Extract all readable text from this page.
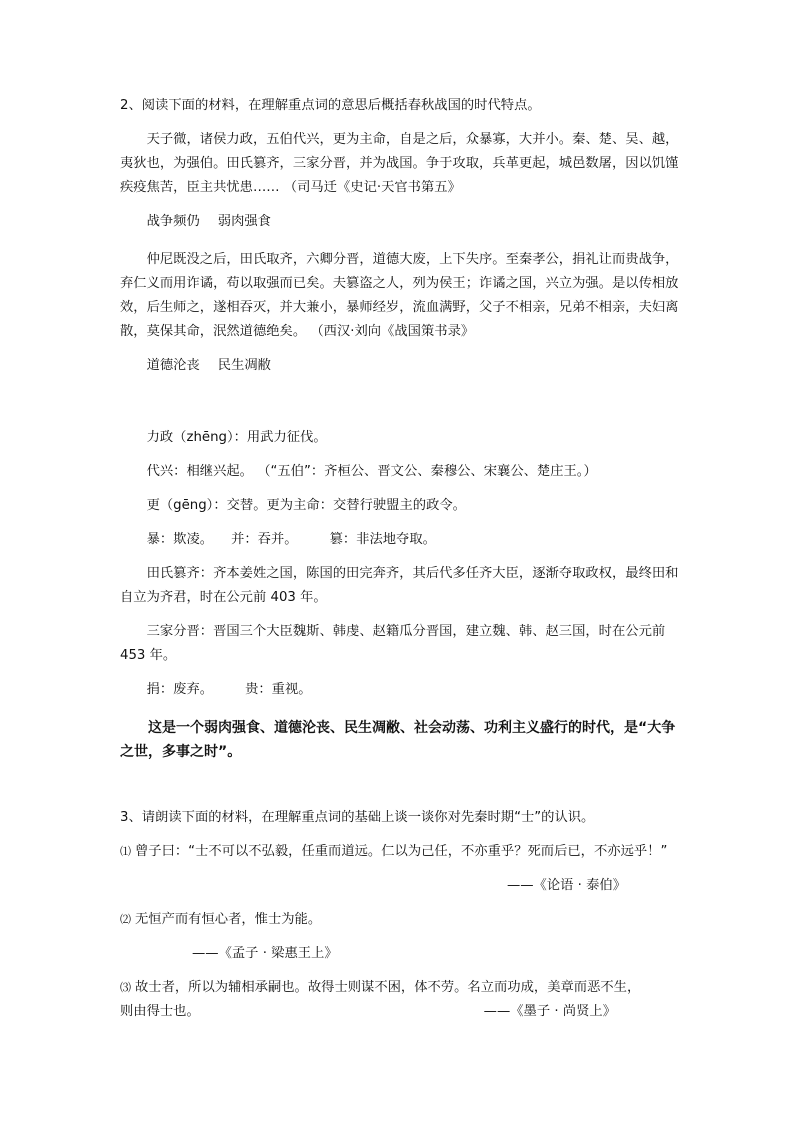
2、阅读下面的材料，在理解重点词的意思后概括春秋战国的时代特点。

天子微，诸侯力政，五伯代兴，更为主命，自是之后，众暴寡，大并小。秦、楚、吴、越，夷狄也，为强伯。田氏篡齐，三家分晋，并为战国。争于攻取，兵革更起，城邑数屠，因以饥馑疾疫焦苦，臣主共忧患…… （司马迁《史记·天官书第五》

战争频仍 弱肉强食

仲尼既没之后，田氏取齐，六卿分晋，道德大废，上下失序。至秦孝公，捐礼让而贵战争，弃仁义而用诈谲，苟以取强而已矣。夫篡盗之人，列为侯王；诈谲之国，兴立为强。是以传相放效，后生师之，遂相吞灭，并大兼小，暴师经岁，流血满野，父子不相亲，兄弟不相亲，夫妇离散，莫保其命，泯然道德绝矣。 （西汉·刘向《战国策书录》

道德沦丧 民生凋敝

力政（zhēng）：用武力征伐。

代兴：相继兴起。 （“五伯”：齐桓公、晋文公、秦穆公、宋襄公、楚庄王。）

更（gēng）：交替。更为主命：交替行驶盟主的政令。

暴：欺凌。 并：吞并。 篡：非法地夺取。

田氏篡齐：齐本姜姓之国，陈国的田完奔齐，其后代多任齐大臣，逐渐夺取政权，最终田和自立为齐君，时在公元前 403 年。

三家分晋：晋国三个大臣魏斯、韩虔、赵籍瓜分晋国，建立魏、韩、赵三国，时在公元前 453 年。

捐：废弃。 贵：重视。

这是一个弱肉强食、道德沦丧、民生凋敝、社会动荡、功利主义盛行的时代，是“大争之世，多事之时”。

3、请朗读下面的材料，在理解重点词的基础上谈一谈你对先秦时期“士”的认识。

⑴ 曾子曰：“士不可以不弘毅，任重而道远。仁以为己任，不亦重乎？死而后已，不亦远乎！”

——《论语 · 泰伯》

⑵ 无恒产而有恒心者，惟士为能。

——《孟子 · 梁惠王上》

⑶ 故士者，所以为辅相承嗣也。故得士则谋不困，体不劳。名立而功成，美章而恶不生，

则由得士也。	——《墨子 · 尚贤上》
